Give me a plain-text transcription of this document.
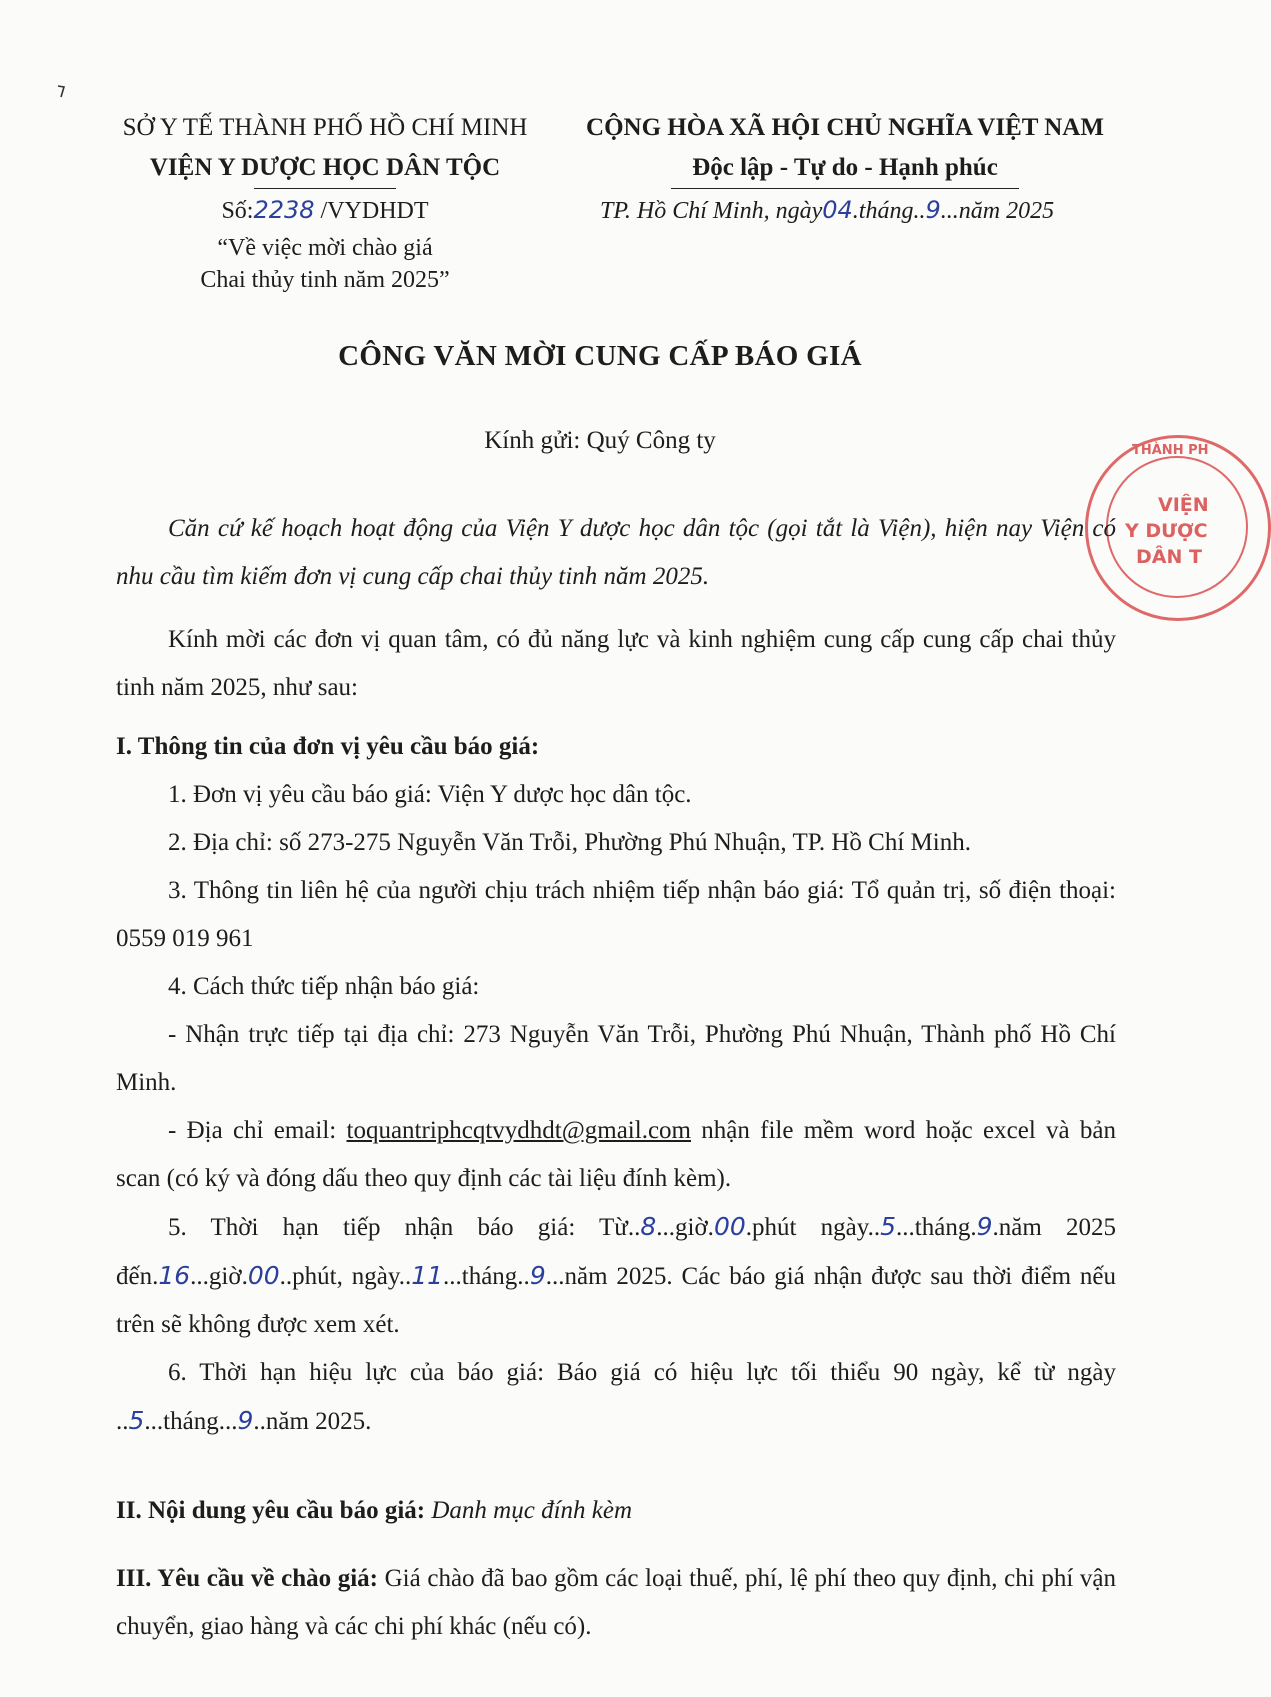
SỞ Y TẾ THÀNH PHỐ HỒ CHÍ MINH
VIỆN Y DƯỢC HỌC DÂN TỘC
Số:2238 /VYDHDT
“Về việc mời chào giá
Chai thủy tinh năm 2025”
CỘNG HÒA XÃ HỘI CHỦ NGHĨA VIỆT NAM
Độc lập - Tự do - Hạnh phúc
TP. Hồ Chí Minh, ngày04.tháng..9...năm 2025
CÔNG VĂN MỜI CUNG CẤP BÁO GIÁ
Kính gửi: Quý Công ty	THÀNH PH
VIỆN
Y DƯỢC
DÂN T

Căn cứ kế hoạch hoạt động của Viện Y dược học dân tộc (gọi tắt là Viện), hiện nay Viện có nhu cầu tìm kiếm đơn vị cung cấp chai thủy tinh năm 2025.

Kính mời các đơn vị quan tâm, có đủ năng lực và kinh nghiệm cung cấp cung cấp chai thủy tinh năm 2025, như sau:

I. Thông tin của đơn vị yêu cầu báo giá:

1. Đơn vị yêu cầu báo giá: Viện Y dược học dân tộc.

2. Địa chỉ: số 273-275 Nguyễn Văn Trỗi, Phường Phú Nhuận, TP. Hồ Chí Minh.

3. Thông tin liên hệ của người chịu trách nhiệm tiếp nhận báo giá: Tổ quản trị, số điện thoại: 0559 019 961

4. Cách thức tiếp nhận báo giá:

- Nhận trực tiếp tại địa chỉ: 273 Nguyễn Văn Trỗi, Phường Phú Nhuận, Thành phố Hồ Chí Minh.

- Địa chỉ email: toquantriphcqtvydhdt@gmail.com nhận file mềm word hoặc excel và bản scan (có ký và đóng dấu theo quy định các tài liệu đính kèm).

5. Thời hạn tiếp nhận báo giá: Từ..8...giờ.00.phút ngày..5...tháng.9.năm 2025 đến.16...giờ.00..phút, ngày..11...tháng..9...năm 2025. Các báo giá nhận được sau thời điểm nếu trên sẽ không được xem xét.

6. Thời hạn hiệu lực của báo giá: Báo giá có hiệu lực tối thiểu 90 ngày, kể từ ngày ..5...tháng...9..năm 2025.

II. Nội dung yêu cầu báo giá: Danh mục đính kèm

III. Yêu cầu về chào giá: Giá chào đã bao gồm các loại thuế, phí, lệ phí theo quy định, chi phí vận chuyển, giao hàng và các chi phí khác (nếu có).
